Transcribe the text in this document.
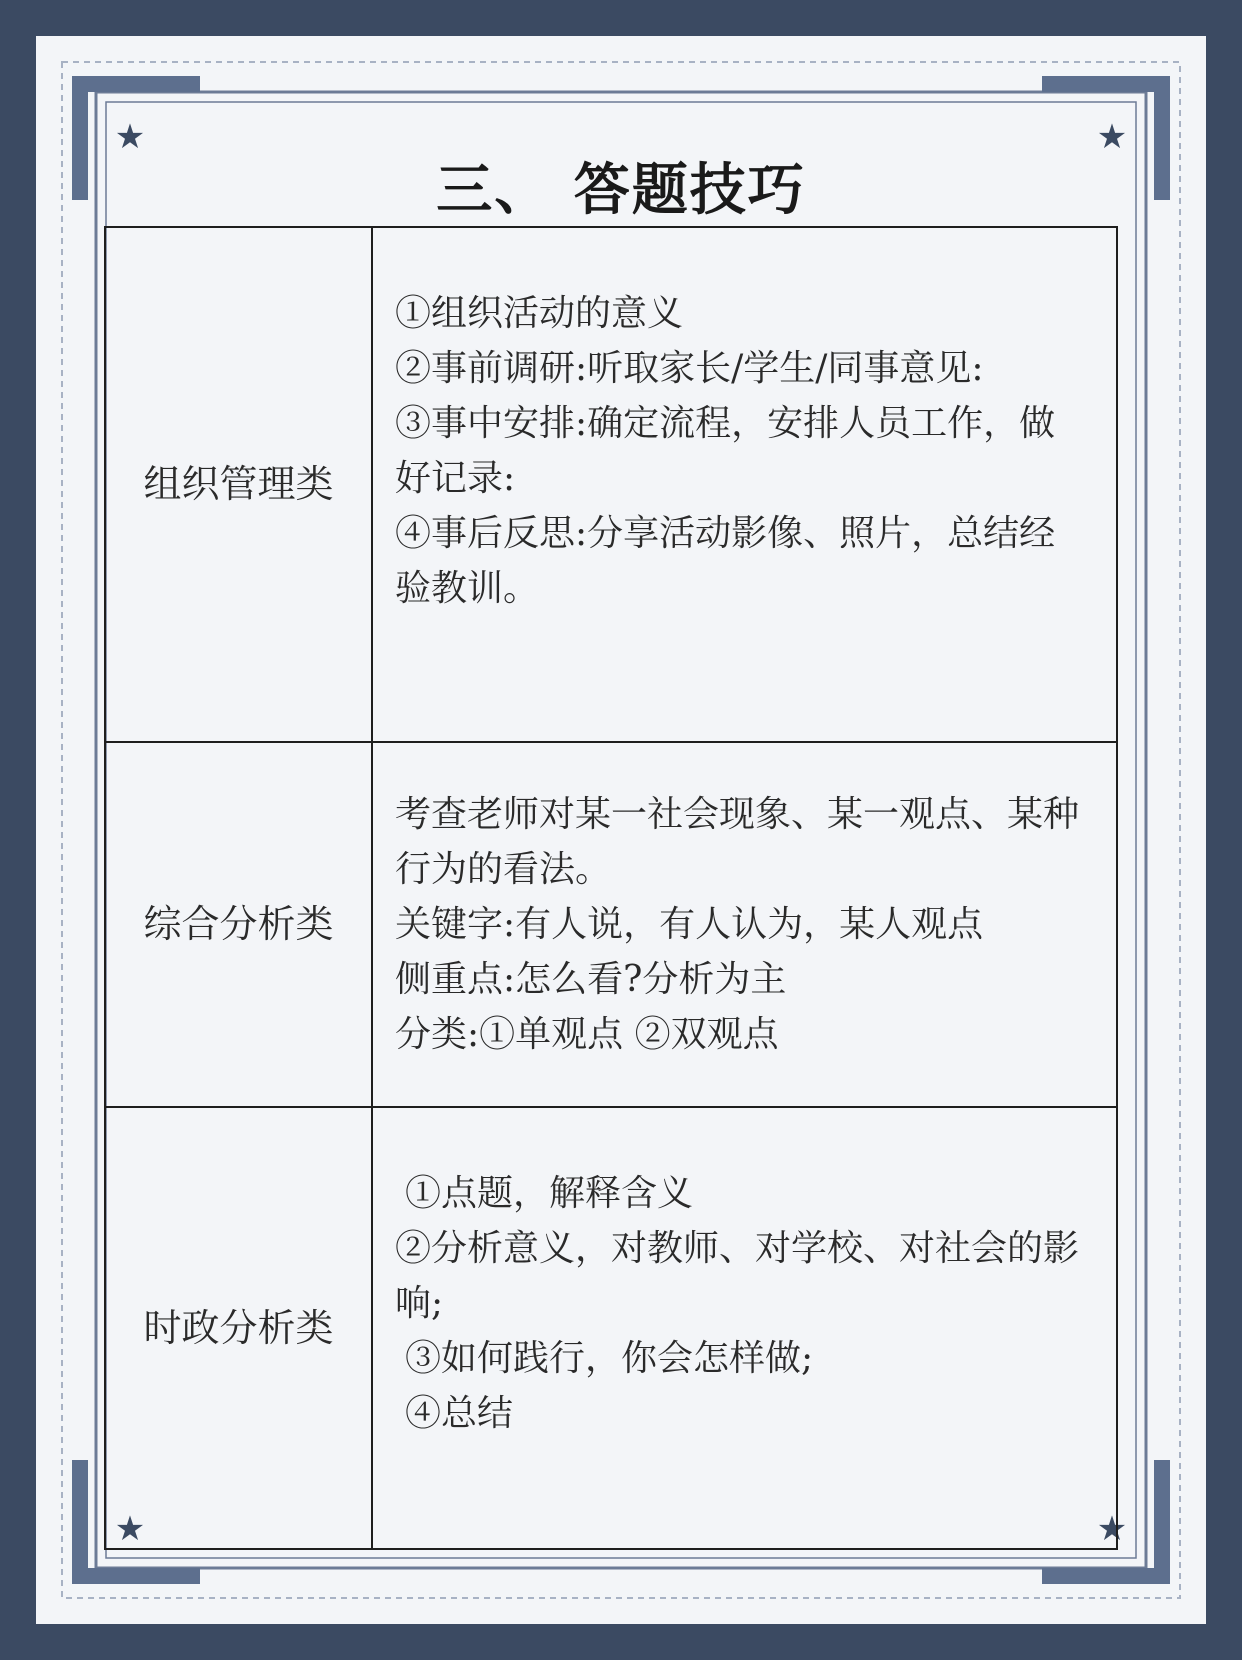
★	★
★	★
三、 答题技巧
组织管理类	①组织活动的意义

②事前调研:听取家长/学生/同事意见:

③事中安排:确定流程，安排人员工作，做好记录:

④事后反思:分享活动影像、照片，总结经验教训。

综合分析类	考查老师对某一社会现象、某一观点、某种行为的看法。

关键字:有人说，有人认为，某人观点

侧重点:怎么看?分析为主

分类:①单观点 ②双观点

时政分析类	①点题，解释含义

②分析意义，对教师、对学校、对社会的影响;

③如何践行，你会怎样做;

④总结
